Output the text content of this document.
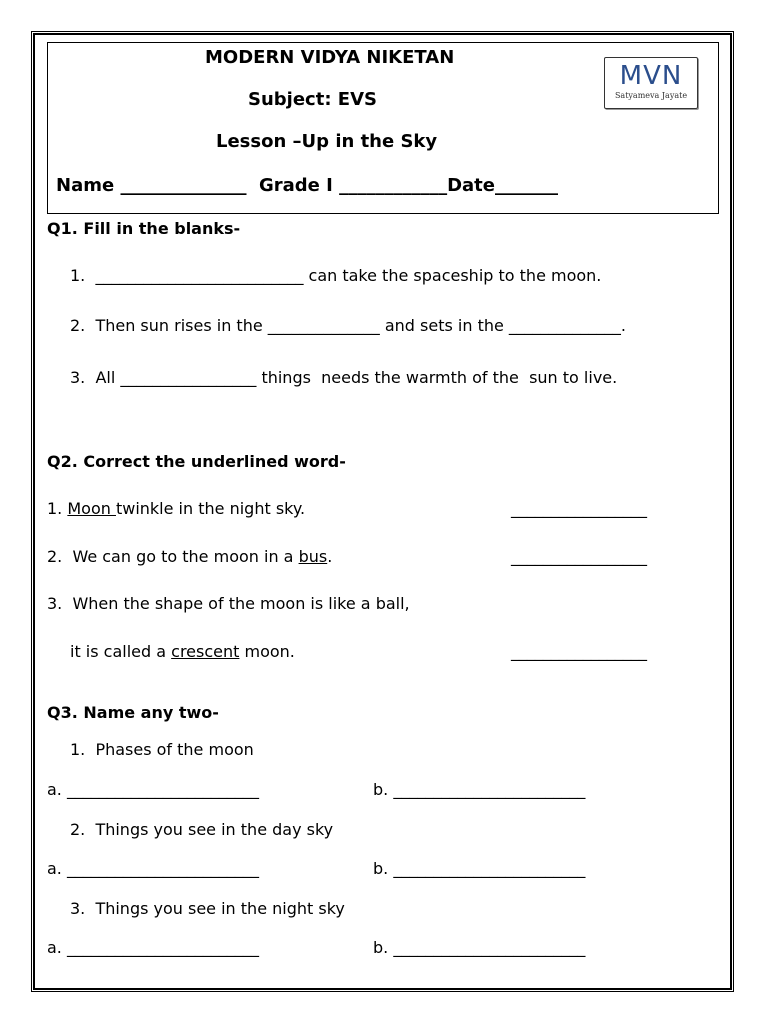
MODERN VIDYA NIKETAN
Subject: EVS
Lesson –Up in the Sky
Name ______________  Grade I ____________Date_______
MVN
Satyameva Jayate
Q1. Fill in the blanks-
1.  __________________________ can take the spaceship to the moon.
2.  Then sun rises in the ______________ and sets in the ______________.
3.  All _________________ things  needs the warmth of the  sun to live.
Q2. Correct the underlined word-
1. Moon twinkle in the night sky.	_________________
2.  We can go to the moon in a bus.	_________________
3.  When the shape of the moon is like a ball,
it is called a crescent moon.	_________________
Q3. Name any two-
1.  Phases of the moon
a. ________________________	b. ________________________
2.  Things you see in the day sky
a. ________________________	b. ________________________
3.  Things you see in the night sky
a. ________________________	b. ________________________
